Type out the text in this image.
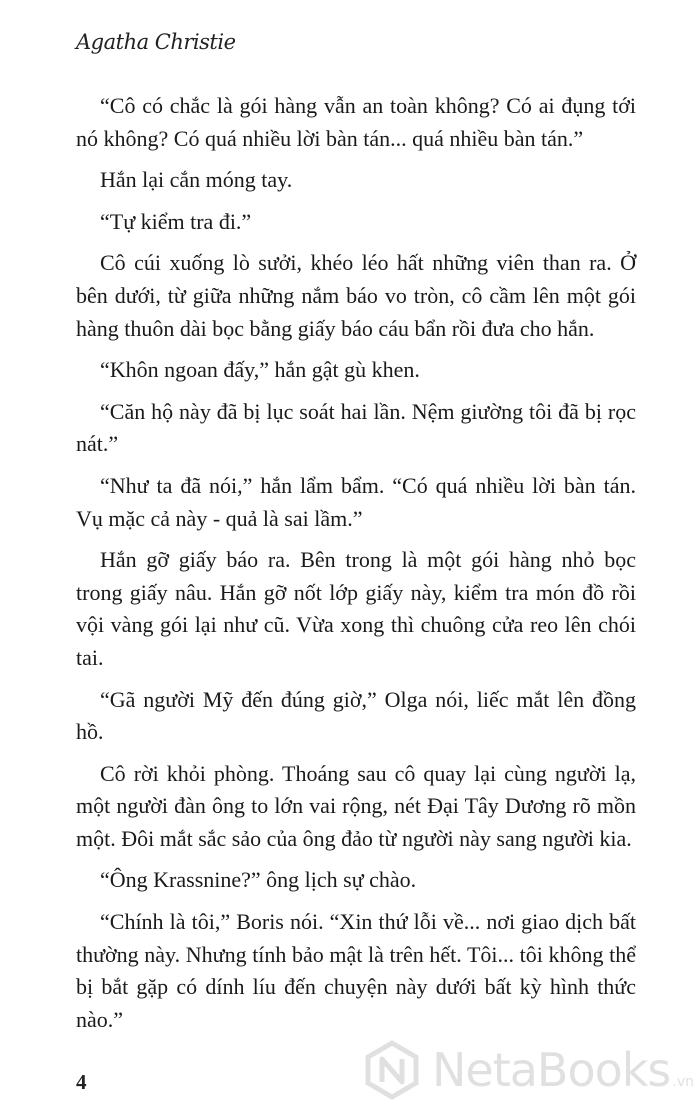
Agatha Christie

“Cô có chắc là gói hàng vẫn an toàn không? Có ai đụng tới nó không? Có quá nhiều lời bàn tán... quá nhiều bàn tán.”

Hắn lại cắn móng tay.

“Tự kiểm tra đi.”

Cô cúi xuống lò sưởi, khéo léo hất những viên than ra. Ở bên dưới, từ giữa những nắm báo vo tròn, cô cầm lên một gói hàng thuôn dài bọc bằng giấy báo cáu bẩn rồi đưa cho hắn.

“Khôn ngoan đấy,” hắn gật gù khen.

“Căn hộ này đã bị lục soát hai lần. Nệm giường tôi đã bị rọc nát.”

“Như ta đã nói,” hắn lẩm bẩm. “Có quá nhiều lời bàn tán. Vụ mặc cả này - quả là sai lầm.”

Hắn gỡ giấy báo ra. Bên trong là một gói hàng nhỏ bọc trong giấy nâu. Hắn gỡ nốt lớp giấy này, kiểm tra món đồ rồi vội vàng gói lại như cũ. Vừa xong thì chuông cửa reo lên chói tai.

“Gã người Mỹ đến đúng giờ,” Olga nói, liếc mắt lên đồng hồ.

Cô rời khỏi phòng. Thoáng sau cô quay lại cùng người lạ, một người đàn ông to lớn vai rộng, nét Đại Tây Dương rõ mồn một. Đôi mắt sắc sảo của ông đảo từ người này sang người kia.

“Ông Krassnine?” ông lịch sự chào.

“Chính là tôi,” Boris nói. “Xin thứ lỗi về... nơi giao dịch bất thường này. Nhưng tính bảo mật là trên hết. Tôi... tôi không thể bị bắt gặp có dính líu đến chuyện này dưới bất kỳ hình thức nào.”

4	NetaBooks .vn
